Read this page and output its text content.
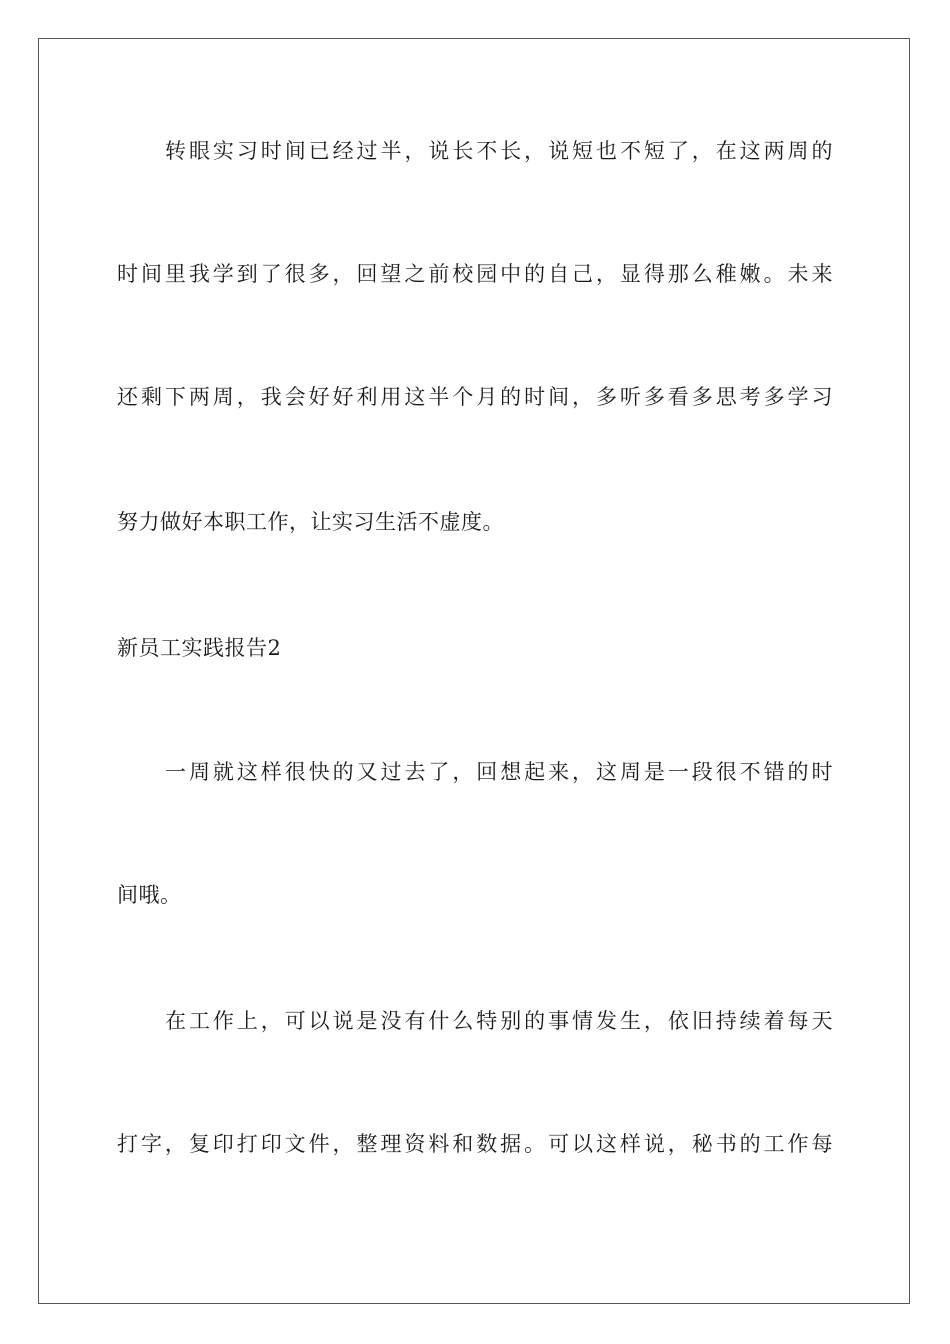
转眼实习时间已经过半，说长不长，说短也不短了，在这两周的
时间里我学到了很多，回望之前校园中的自己，显得那么稚嫩。未来
还剩下两周，我会好好利用这半个月的时间，多听多看多思考多学习
努力做好本职工作，让实习生活不虚度。
新员工实践报告2
一周就这样很快的又过去了，回想起来，这周是一段很不错的时
间哦。
在工作上，可以说是没有什么特别的事情发生，依旧持续着每天
打字，复印打印文件，整理资料和数据。可以这样说，秘书的工作每
